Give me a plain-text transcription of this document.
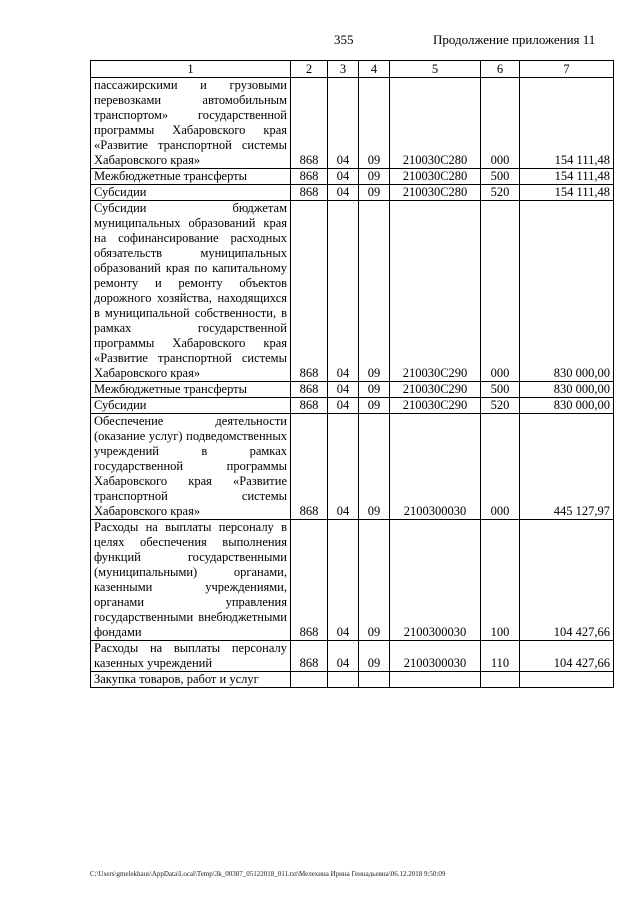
355	Продолжение приложения 11
1	2	3	4	5	6	7
пассажирскими и грузовыми перевозками автомобильным транспортом» государственной программы Хабаровского края «Развитие транспортной системы Хабаровского края»	868	04	09	210030С280	000	154 111,48
Межбюджетные трансферты	868	04	09	210030С280	500	154 111,48
Субсидии	868	04	09	210030С280	520	154 111,48
Субсидии бюджетам муниципальных образований края на софинансирование расходных обязательств муниципальных образований края по капитальному ремонту и ремонту объектов дорожного хозяйства, находящихся в муниципальной собственности, в рамках государственной программы Хабаровского края «Развитие транспортной системы Хабаровского края»	868	04	09	210030С290	000	830 000,00
Межбюджетные трансферты	868	04	09	210030С290	500	830 000,00
Субсидии	868	04	09	210030С290	520	830 000,00
Обеспечение деятельности (оказание услуг) подведомственных учреждений в рамках государственной программы Хабаровского края «Развитие транспортной системы Хабаровского края»	868	04	09	2100300030	000	445 127,97
Расходы на выплаты персоналу в целях обеспечения выполнения функций государственными (муниципальными) органами, казенными учреждениями, органами управления государственными внебюджетными фондами	868	04	09	2100300030	100	104 427,66
Расходы на выплаты персоналу казенных учреждений	868	04	09	2100300030	110	104 427,66
Закупка товаров, работ и услуг						
C:\Users\gmelekhaus\AppData\Local\Temp\3k_00387_05122018_011.txt\Мелехина Ирина Геннадьевна\06.12.2018 9:50:09
